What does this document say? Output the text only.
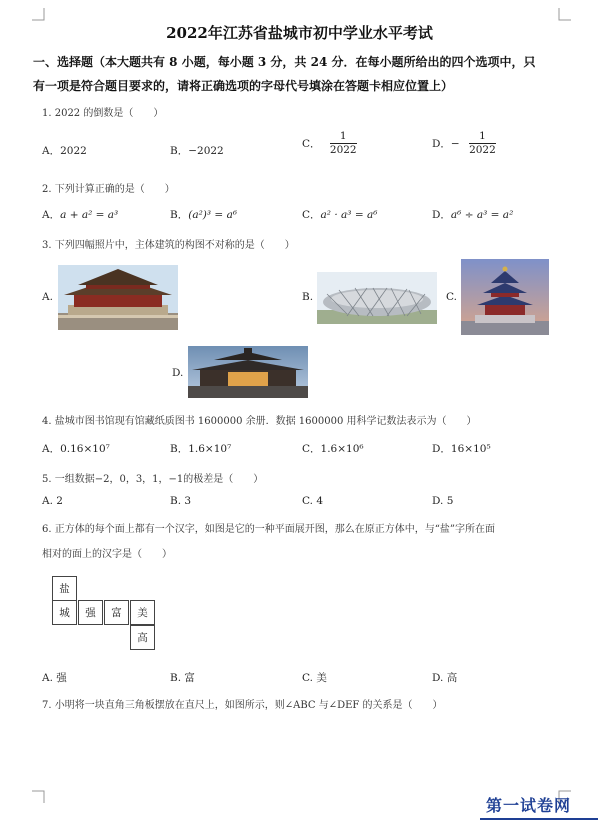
2022年江苏省盐城市初中学业水平考试
一、选择题（本大题共有 8 小题，每小题 3 分，共 24 分．在每小题所给出的四个选项中，只
有一项是符合题目要求的，请将正确选项的字母代号填涂在答题卡相应位置上）
1. 2022 的倒数是（　　）
A．2022	B．−2022
C． $\frac{1}{2022}$	D．− $\frac{1}{2022}$
2. 下列计算正确的是（　　）
A．a + a² = a³	B．(a²)³ = a⁶	C．a² · a³ = a⁶	D．a⁶ ÷ a³ = a²
3. 下列四幅照片中，主体建筑的构图不对称的是（　　）
A.	B.	C.
D.
4. 盐城市图书馆现有馆藏纸质图书 1600000 余册．数据 1600000 用科学记数法表示为（　　）
A．0.16×10⁷	B．1.6×10⁷	C．1.6×10⁶	D．16×10⁵
5. 一组数据−2，0，3，1，−1的极差是（　　）
A. 2	B. 3	C. 4	D. 5
6. 正方体的每个面上都有一个汉字，如图是它的一种平面展开图，那么在原正方体中，与“盐”字所在面
相对的面上的汉字是（　　）
盐
城	强	富	美
高
A. 强	B. 富	C. 美	D. 高
7. 小明将一块直角三角板摆放在直尺上，如图所示，则∠ABC 与∠DEF 的关系是（　　）
第一试卷网
